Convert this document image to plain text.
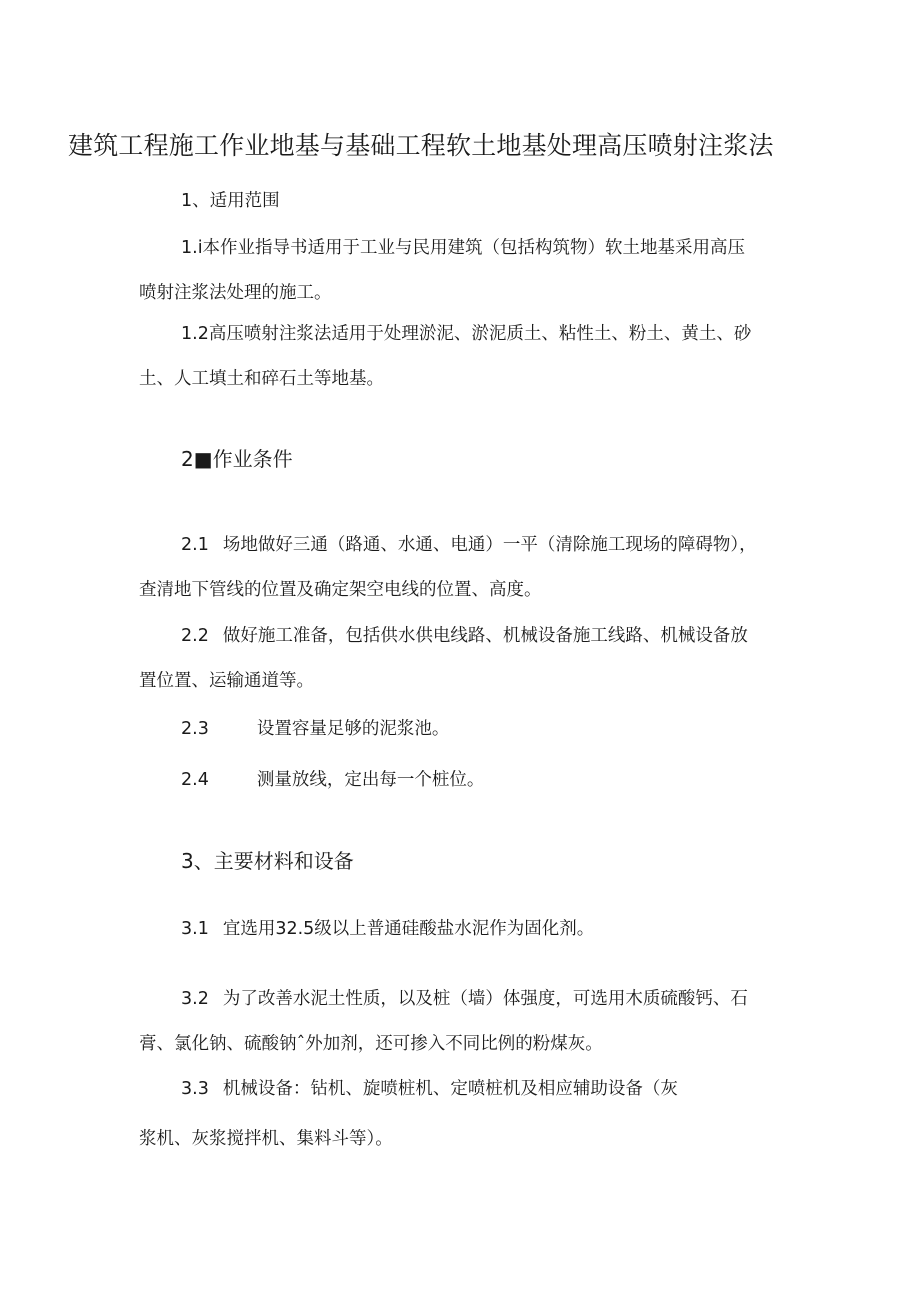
建筑工程施工作业地基与基础工程软土地基处理高压喷射注浆法
1、适用范围
1.i本作业指导书适用于工业与民用建筑（包括构筑物）软土地基采用高压
喷射注浆法处理的施工。
1.2高压喷射注浆法适用于处理淤泥、淤泥质土、粘性土、粉土、黄土、砂
土、人工填土和碎石土等地基。
2■作业条件
2.1 场地做好三通（路通、水通、电通）一平（清除施工现场的障碍物），
查清地下管线的位置及确定架空电线的位置、高度。
2.2 做好施工准备，包括供水供电线路、机械设备施工线路、机械设备放
置位置、运输通道等。
2.3	设置容量足够的泥浆池。
2.4	测量放线，定出每一个桩位。
3、主要材料和设备
3.1 宜选用32.5级以上普通硅酸盐水泥作为固化剂。
3.2 为了改善水泥土性质，以及桩（墙）体强度，可选用木质硫酸钙、石
膏、氯化钠、硫酸钠ˆ外加剂，还可掺入不同比例的粉煤灰。
3.3 机械设备：钻机、旋喷桩机、定喷桩机及相应辅助设备（灰
浆机、灰浆搅拌机、集料斗等）。
